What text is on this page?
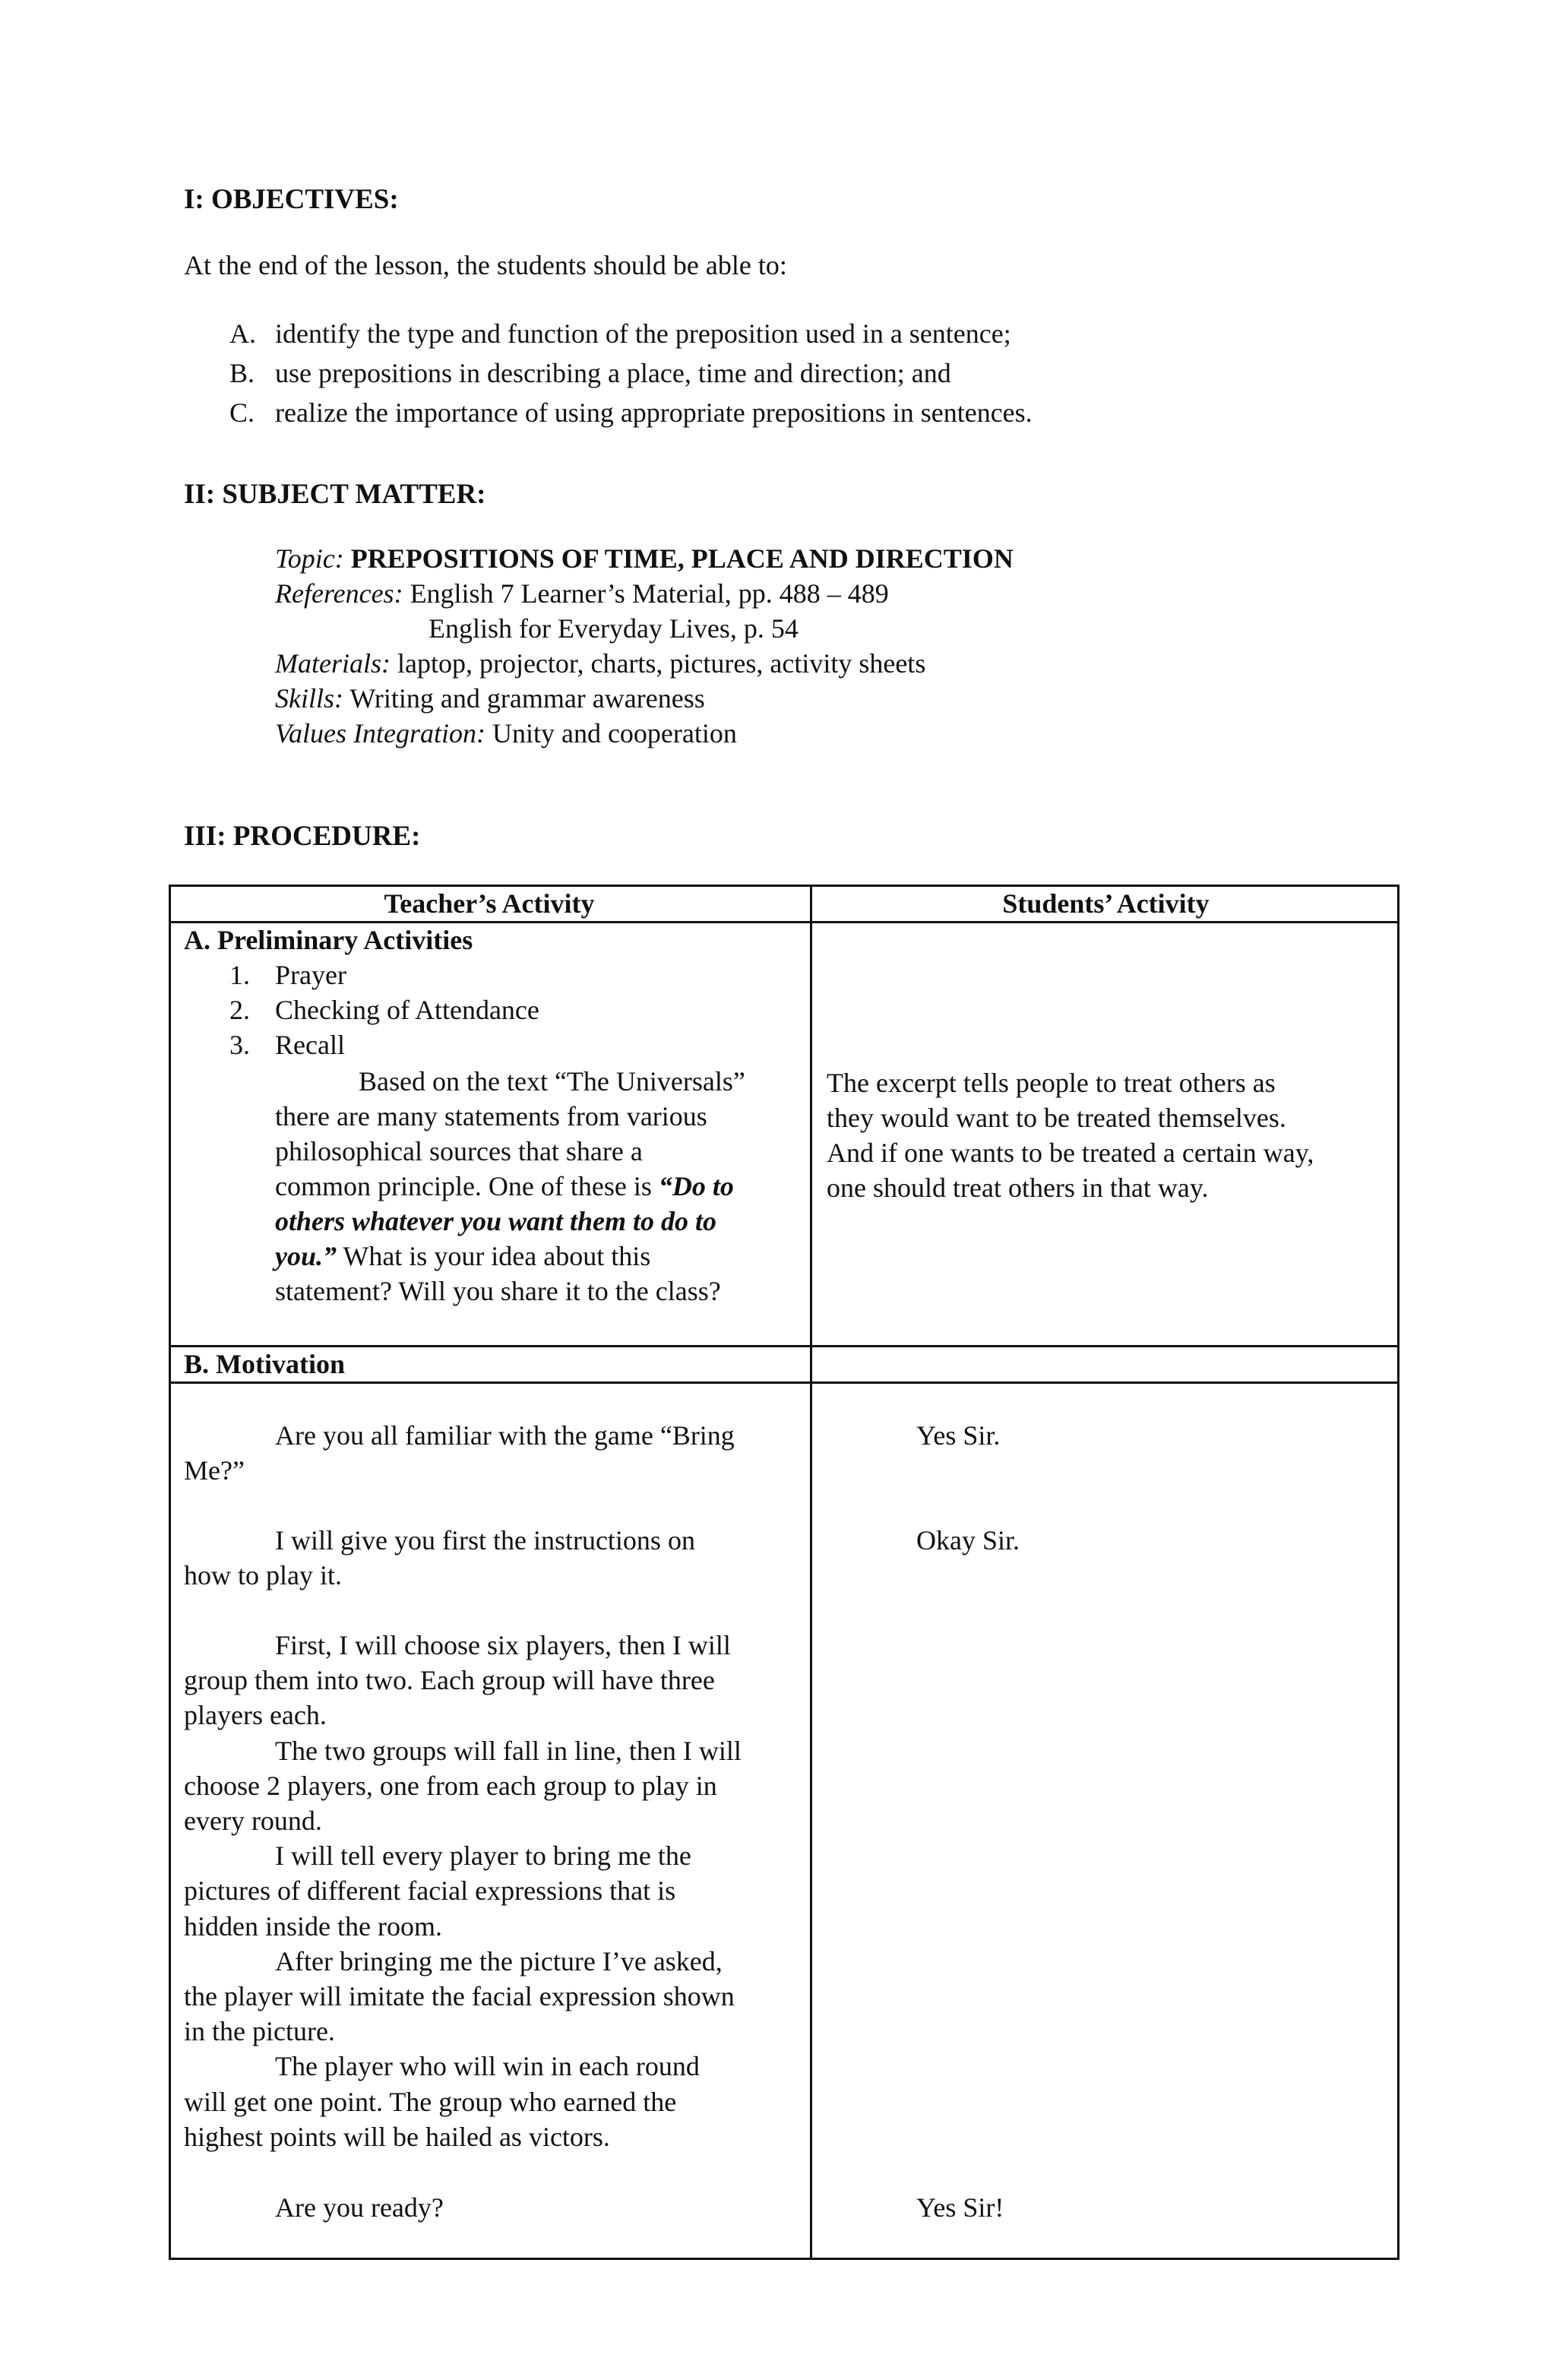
I: OBJECTIVES:
At the end of the lesson, the students should be able to:
A. identify the type and function of the preposition used in a sentence;
B. use prepositions in describing a place, time and direction; and
C. realize the importance of using appropriate prepositions in sentences.
II: SUBJECT MATTER:
Topic: PREPOSITIONS OF TIME, PLACE AND DIRECTION
References: English 7 Learner’s Material, pp. 488 – 489
English for Everyday Lives, p. 54
Materials: laptop, projector, charts, pictures, activity sheets
Skills: Writing and grammar awareness
Values Integration: Unity and cooperation
III: PROCEDURE:
Teacher’s Activity	Students’ Activity
A. Preliminary Activities
1. Prayer
2. Checking of Attendance
3. Recall
Based on the text “The Universals”
there are many statements from various
philosophical sources that share a
common principle. One of these is “Do to
others whatever you want them to do to
you.” What is your idea about this
statement? Will you share it to the class?
The excerpt tells people to treat others as
they would want to be treated themselves.
And if one wants to be treated a certain way,
one should treat others in that way.
B. Motivation
Are you all familiar with the game “Bring
Me?”
Yes Sir.
I will give you first the instructions on
how to play it.
Okay Sir.
First, I will choose six players, then I will
group them into two. Each group will have three
players each.
The two groups will fall in line, then I will
choose 2 players, one from each group to play in
every round.
I will tell every player to bring me the
pictures of different facial expressions that is
hidden inside the room.
After bringing me the picture I’ve asked,
the player will imitate the facial expression shown
in the picture.
The player who will win in each round
will get one point. The group who earned the
highest points will be hailed as victors.
Are you ready?	Yes Sir!
